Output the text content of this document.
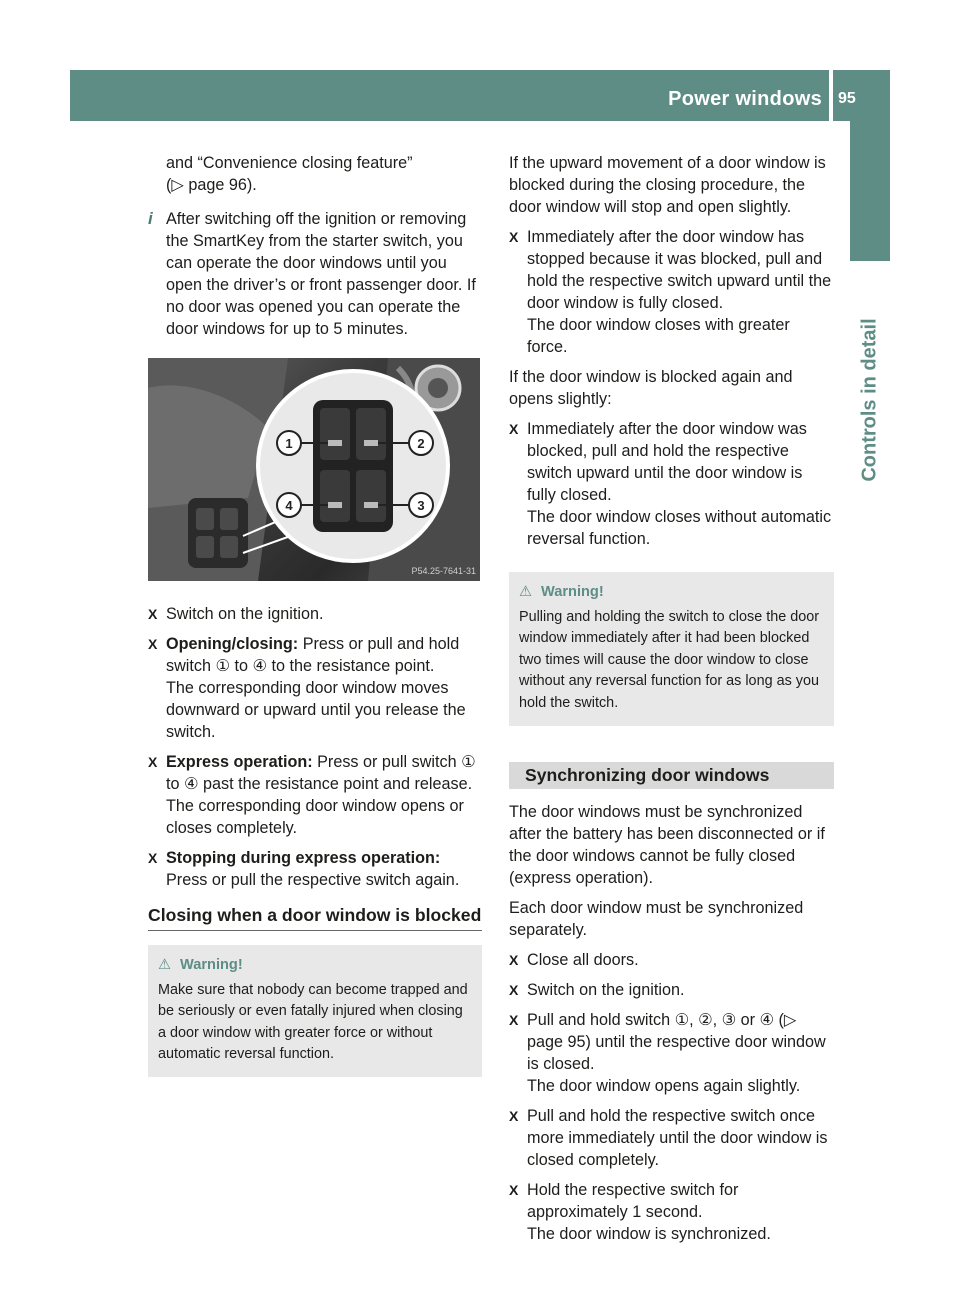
Power windows 95
Controls in detail

and “Convenience closing feature”

(▷ page 96).

i After switching off the ignition or removing the SmartKey from the starter switch, you can operate the door windows until you open the driver’s or front passenger door. If no door was opened you can operate the door windows for up to 5 minutes.

1	2
3
4
P54.25-7641-31
X Switch on the ignition.

X Opening/closing: Press or pull and hold switch ① to ④ to the resistance point.

The corresponding door window moves downward or upward until you release the switch.

X Express operation: Press or pull switch ① to ④ past the resistance point and release.

The corresponding door window opens or closes completely.

X Stopping during express operation: Press or pull the respective switch again.

Closing when a door window is blocked
⚠ Warning!

Make sure that nobody can become trapped and be seriously or even fatally injured when closing a door window with greater force or without automatic reversal function.

If the upward movement of a door window is blocked during the closing procedure, the door window will stop and open slightly.

X Immediately after the door window has stopped because it was blocked, pull and hold the respective switch upward until the door window is fully closed.

The door window closes with greater force.

If the door window is blocked again and opens slightly:

X Immediately after the door window was blocked, pull and hold the respective switch upward until the door window is fully closed.

The door window closes without automatic reversal function.

⚠ Warning!

Pulling and holding the switch to close the door window immediately after it had been blocked two times will cause the door window to close without any reversal function for as long as you hold the switch.

Synchronizing door windows

The door windows must be synchronized after the battery has been disconnected or if the door windows cannot be fully closed (express operation).

Each door window must be synchronized separately.

X Close all doors.

X Switch on the ignition.

X Pull and hold switch ①, ②, ③ or ④ (▷ page 95) until the respective door window is closed.

The door window opens again slightly.

X Pull and hold the respective switch once more immediately until the door window is closed completely.

X Hold the respective switch for approximately 1 second.

The door window is synchronized.
